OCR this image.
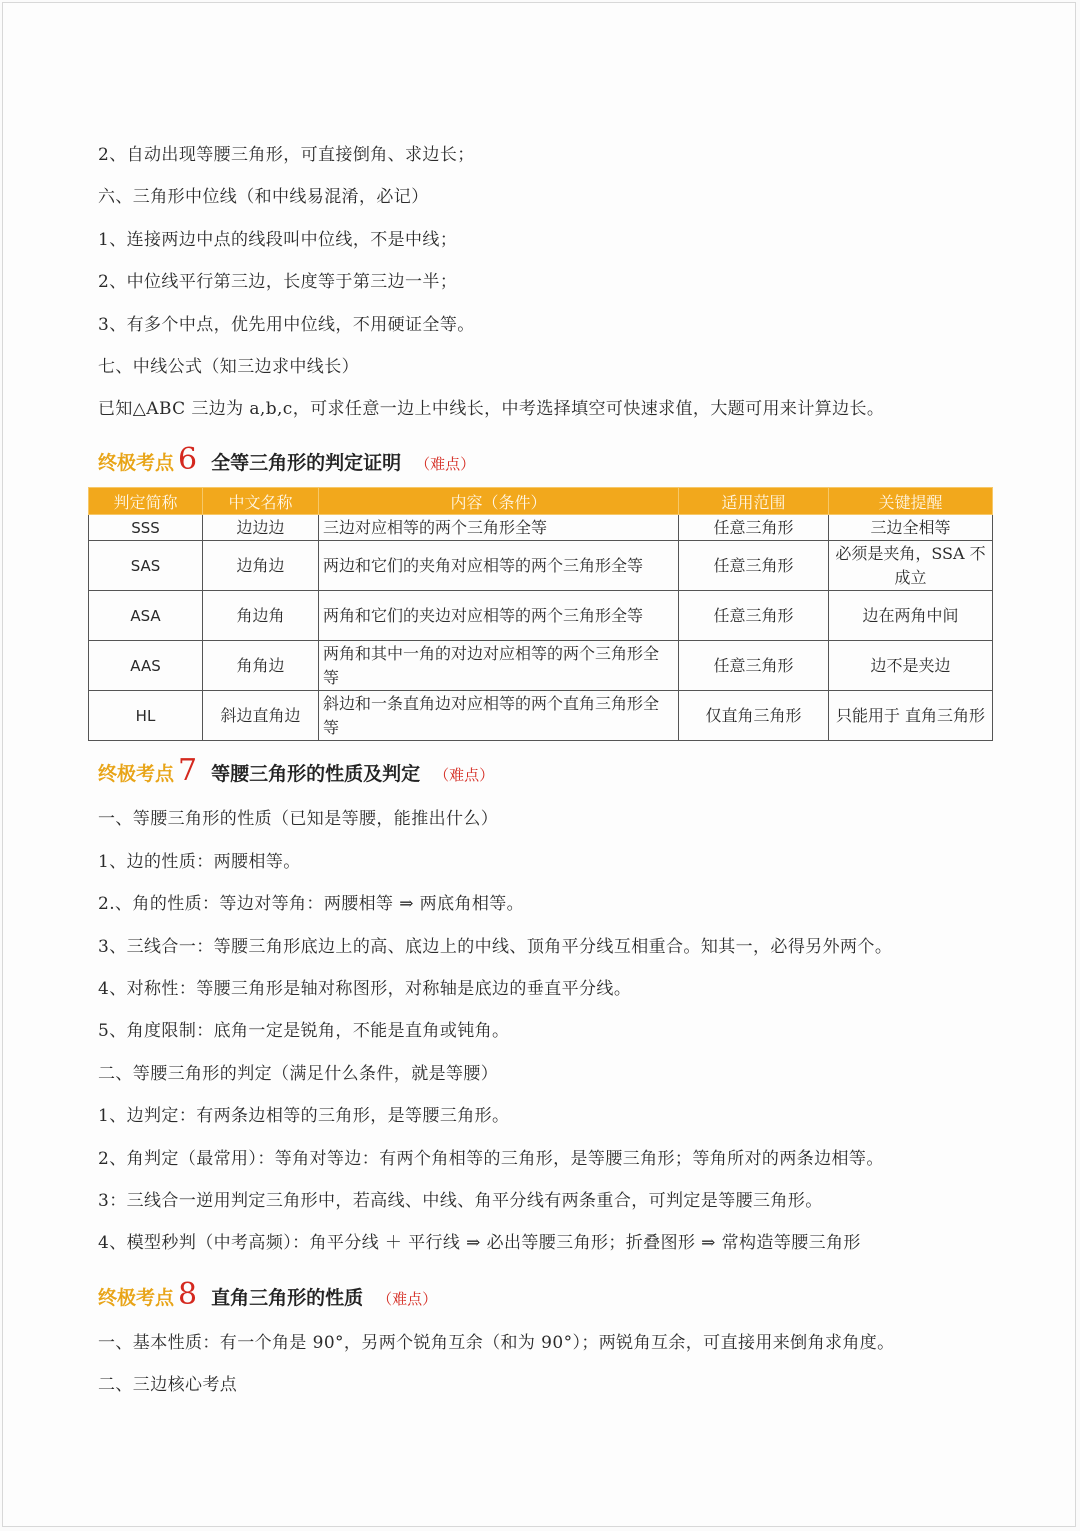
2、自动出现等腰三角形，可直接倒角、求边长；
六、三角形中位线（和中线易混淆，必记）
1、连接两边中点的线段叫中位线，不是中线；
2、中位线平行第三边，长度等于第三边一半；
3、有多个中点，优先用中位线，不用硬证全等。
七、中线公式（知三边求中线长）
已知△ABC 三边为 a,b,c，可求任意一边上中线长，中考选择填空可快速求值，大题可用来计算边长。
终极考点 6 全等三角形的判定证明 （难点）
终极考点 7 等腰三角形的性质及判定 （难点）
一、等腰三角形的性质（已知是等腰，能推出什么）
1、边的性质：两腰相等。
2.、角的性质：等边对等角：两腰相等 ⇒ 两底角相等。
3、三线合一：等腰三角形底边上的高、底边上的中线、顶角平分线互相重合。知其一，必得另外两个。
4、对称性：等腰三角形是轴对称图形，对称轴是底边的垂直平分线。
5、角度限制：底角一定是锐角，不能是直角或钝角。
二、等腰三角形的判定（满足什么条件，就是等腰）
1、边判定：有两条边相等的三角形，是等腰三角形。
2、角判定（最常用）：等角对等边：有两个角相等的三角形，是等腰三角形；等角所对的两条边相等。
3：三线合一逆用判定三角形中，若高线、中线、角平分线有两条重合，可判定是等腰三角形。
4、模型秒判（中考高频）：角平分线 ＋ 平行线 ⇒ 必出等腰三角形；折叠图形 ⇒ 常构造等腰三角形
终极考点 8 直角三角形的性质 （难点）
一、基本性质：有一个角是 90°，另两个锐角互余（和为 90°）；两锐角互余，可直接用来倒角求角度。
二、三边核心考点
判定简称	中文名称	内容（条件）	适用范围	关键提醒
SSS	边边边	三边对应相等的两个三角形全等	任意三角形	三边全相等
SAS	边角边	两边和它们的夹角对应相等的两个三角形全等	任意三角形	必须是夹角，SSA 不成立
ASA	角边角	两角和它们的夹边对应相等的两个三角形全等	任意三角形	边在两角中间
AAS	角角边	两角和其中一角的对边对应相等的两个三角形全等	任意三角形	边不是夹边
HL	斜边直角边	斜边和一条直角边对应相等的两个直角三角形全等	仅直角三角形	只能用于 直角三角形
